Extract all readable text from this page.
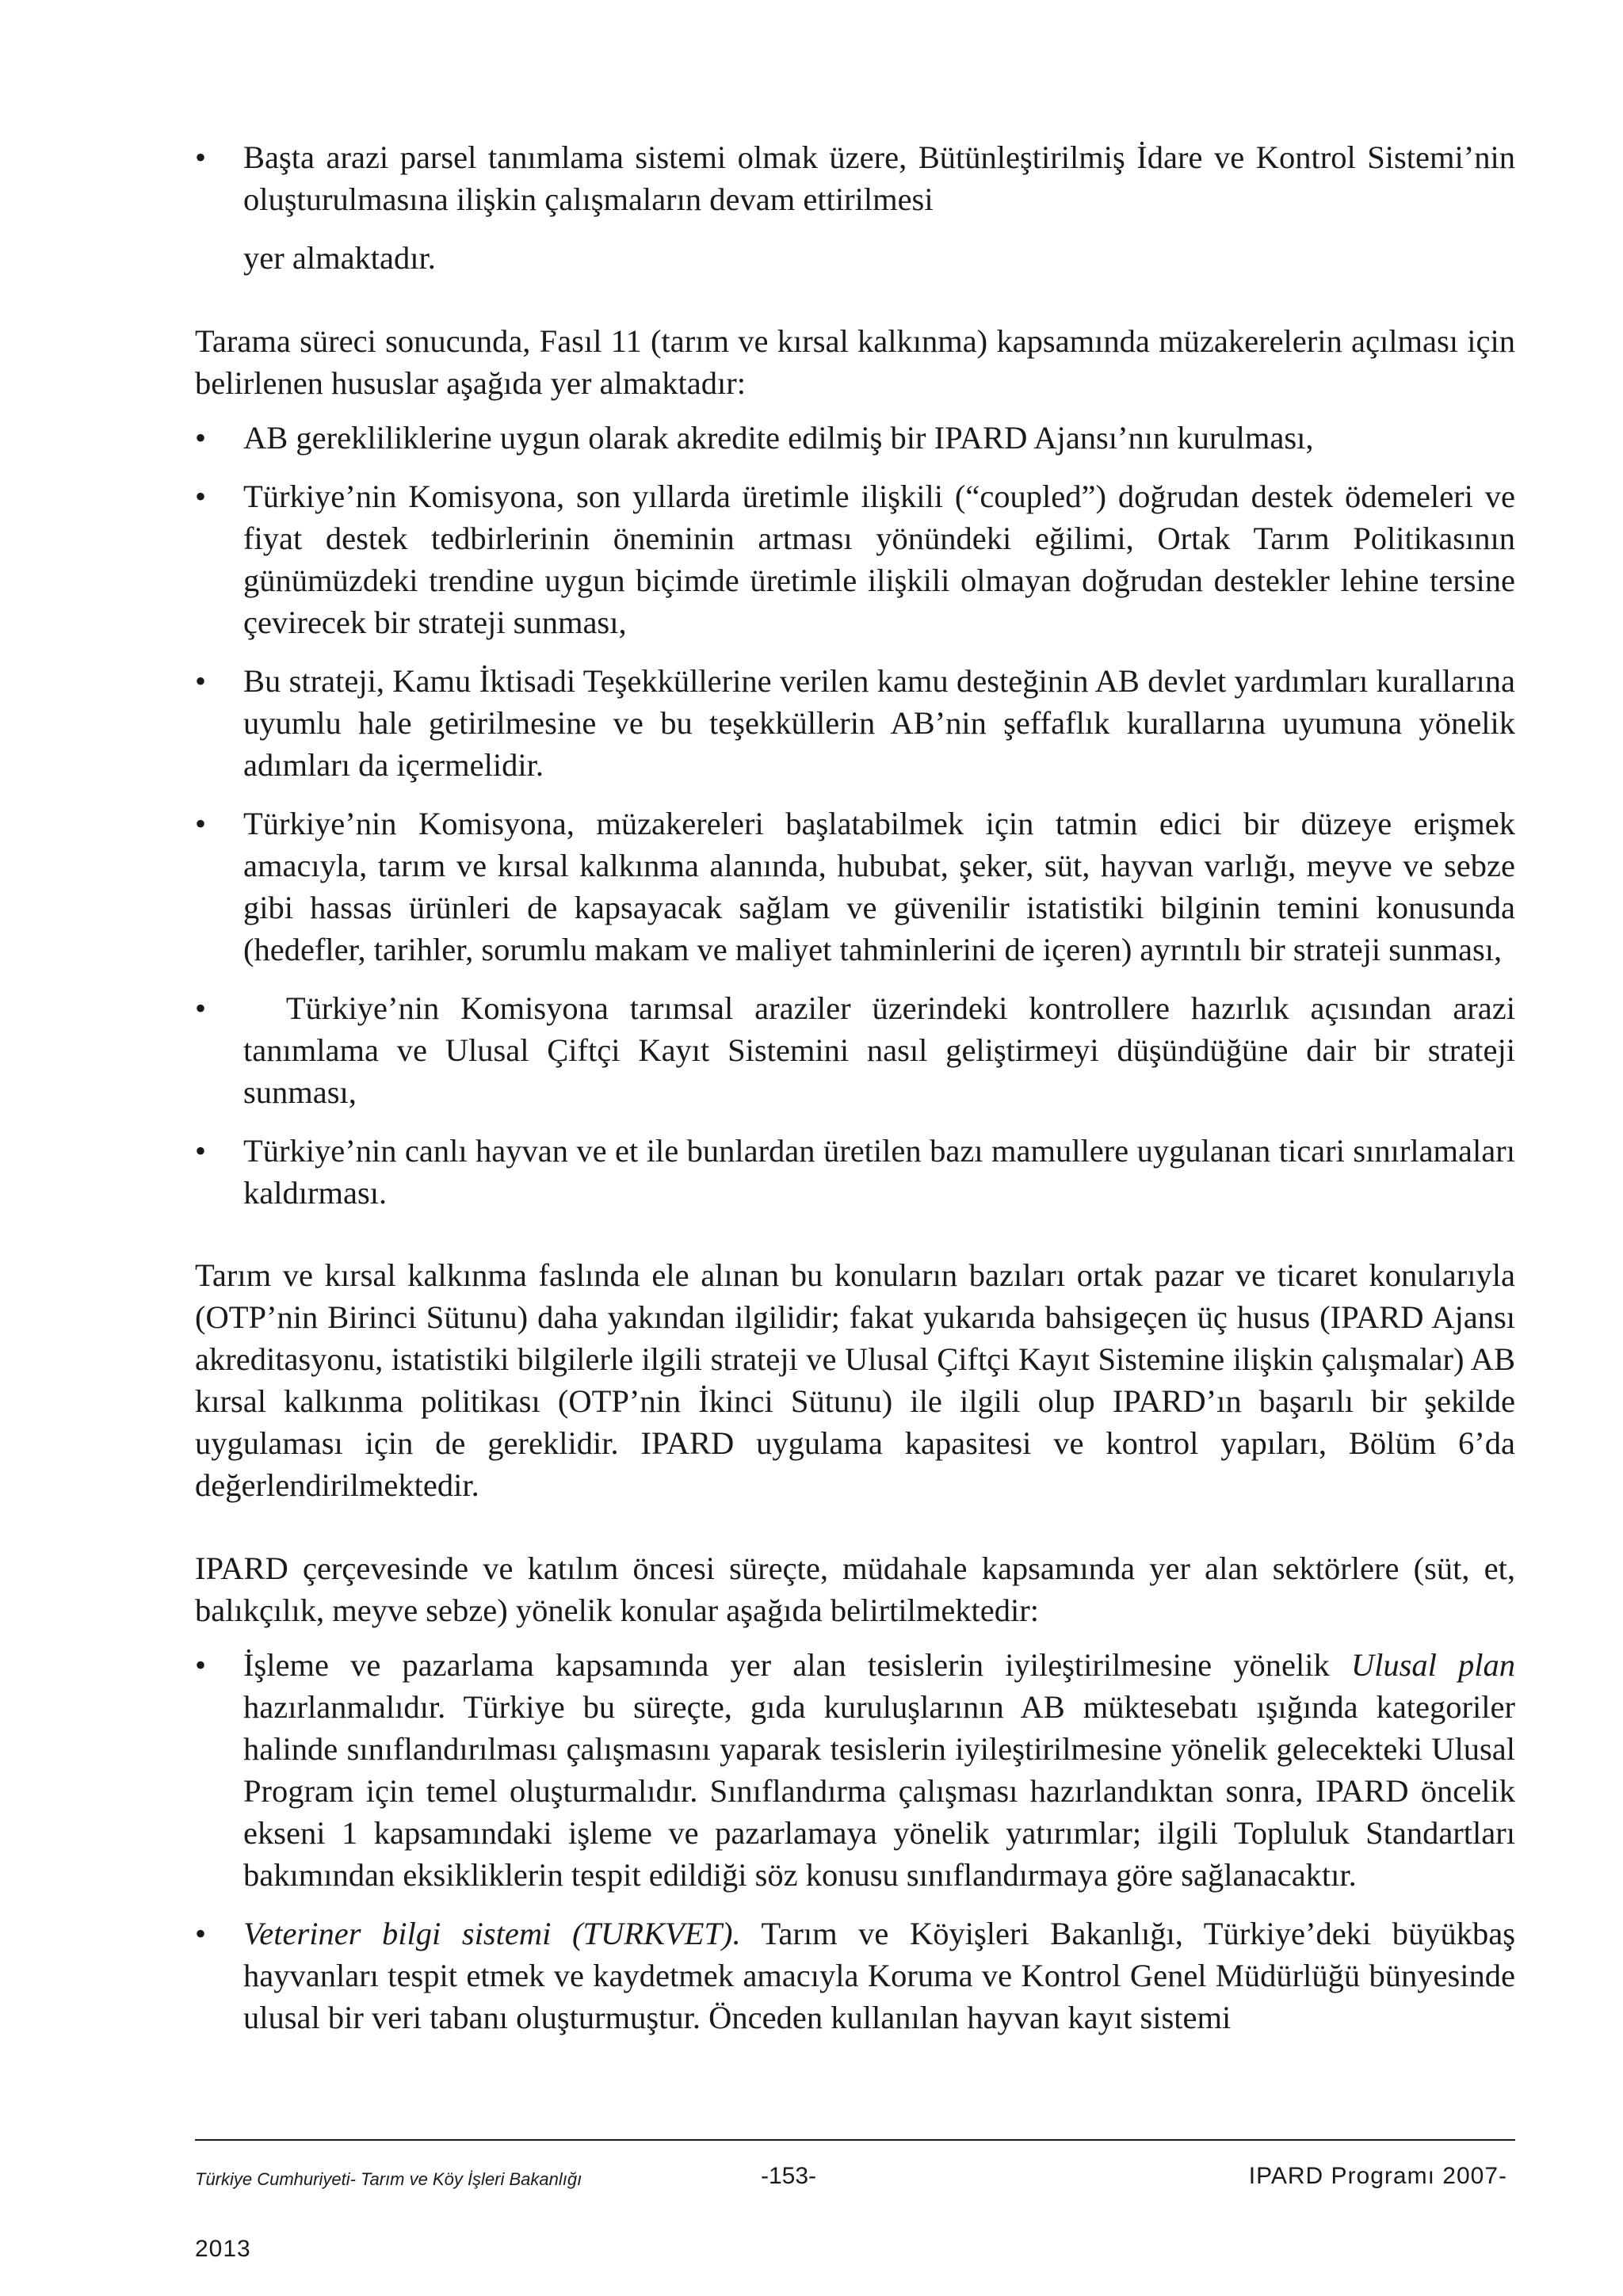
•	Başta arazi parsel tanımlama sistemi olmak üzere, Bütünleştirilmiş İdare ve Kontrol Sistemi’nin oluşturulmasına ilişkin çalışmaların devam ettirilmesi
yer almaktadır.

Tarama süreci sonucunda, Fasıl 11 (tarım ve kırsal kalkınma) kapsamında müzakerelerin açılması için belirlenen hususlar aşağıda yer almaktadır:

•	AB gerekliliklerine uygun olarak akredite edilmiş bir IPARD Ajansı’nın kurulması,
•	Türkiye’nin Komisyona, son yıllarda üretimle ilişkili (“coupled”) doğrudan destek ödemeleri ve fiyat destek tedbirlerinin öneminin artması yönündeki eğilimi, Ortak Tarım Politikasının günümüzdeki trendine uygun biçimde üretimle ilişkili olmayan doğrudan destekler lehine tersine çevirecek bir strateji sunması,
•	Bu strateji, Kamu İktisadi Teşekküllerine verilen kamu desteğinin AB devlet yardımları kurallarına uyumlu hale getirilmesine ve bu teşekküllerin AB’nin şeffaflık kurallarına uyumuna yönelik adımları da içermelidir.
•	Türkiye’nin Komisyona, müzakereleri başlatabilmek için tatmin edici bir düzeye erişmek amacıyla, tarım ve kırsal kalkınma alanında, hububat, şeker, süt, hayvan varlığı, meyve ve sebze gibi hassas ürünleri de kapsayacak sağlam ve güvenilir istatistiki bilginin temini konusunda (hedefler, tarihler, sorumlu makam ve maliyet tahminlerini de içeren) ayrıntılı bir strateji sunması,
•	Türkiye’nin Komisyona tarımsal araziler üzerindeki kontrollere hazırlık açısından arazi tanımlama ve Ulusal Çiftçi Kayıt Sistemini nasıl geliştirmeyi düşündüğüne dair bir strateji sunması,
•	Türkiye’nin canlı hayvan ve et ile bunlardan üretilen bazı mamullere uygulanan ticari sınırlamaları kaldırması.

Tarım ve kırsal kalkınma faslında ele alınan bu konuların bazıları ortak pazar ve ticaret konularıyla (OTP’nin Birinci Sütunu) daha yakından ilgilidir; fakat yukarıda bahsigeçen üç husus (IPARD Ajansı akreditasyonu, istatistiki bilgilerle ilgili strateji ve Ulusal Çiftçi Kayıt Sistemine ilişkin çalışmalar) AB kırsal kalkınma politikası (OTP’nin İkinci Sütunu) ile ilgili olup IPARD’ın başarılı bir şekilde uygulaması için de gereklidir. IPARD uygulama kapasitesi ve kontrol yapıları, Bölüm 6’da değerlendirilmektedir.

IPARD çerçevesinde ve katılım öncesi süreçte, müdahale kapsamında yer alan sektörlere (süt, et, balıkçılık, meyve sebze) yönelik konular aşağıda belirtilmektedir:

•	İşleme ve pazarlama kapsamında yer alan tesislerin iyileştirilmesine yönelik Ulusal plan hazırlanmalıdır. Türkiye bu süreçte, gıda kuruluşlarının AB müktesebatı ışığında kategoriler halinde sınıflandırılması çalışmasını yaparak tesislerin iyileştirilmesine yönelik gelecekteki Ulusal Program için temel oluşturmalıdır. Sınıflandırma çalışması hazırlandıktan sonra, IPARD öncelik ekseni 1 kapsamındaki işleme ve pazarlamaya yönelik yatırımlar; ilgili Topluluk Standartları bakımından eksikliklerin tespit edildiği söz konusu sınıflandırmaya göre sağlanacaktır.
•	Veteriner bilgi sistemi (TURKVET). Tarım ve Köyişleri Bakanlığı, Türkiye’deki büyükbaş hayvanları tespit etmek ve kaydetmek amacıyla Koruma ve Kontrol Genel Müdürlüğü bünyesinde ulusal bir veri tabanı oluşturmuştur. Önceden kullanılan hayvan kayıt sistemi
Türkiye Cumhuriyeti- Tarım ve Köy İşleri Bakanlığı	-153-	IPARD Programı 2007-
2013
